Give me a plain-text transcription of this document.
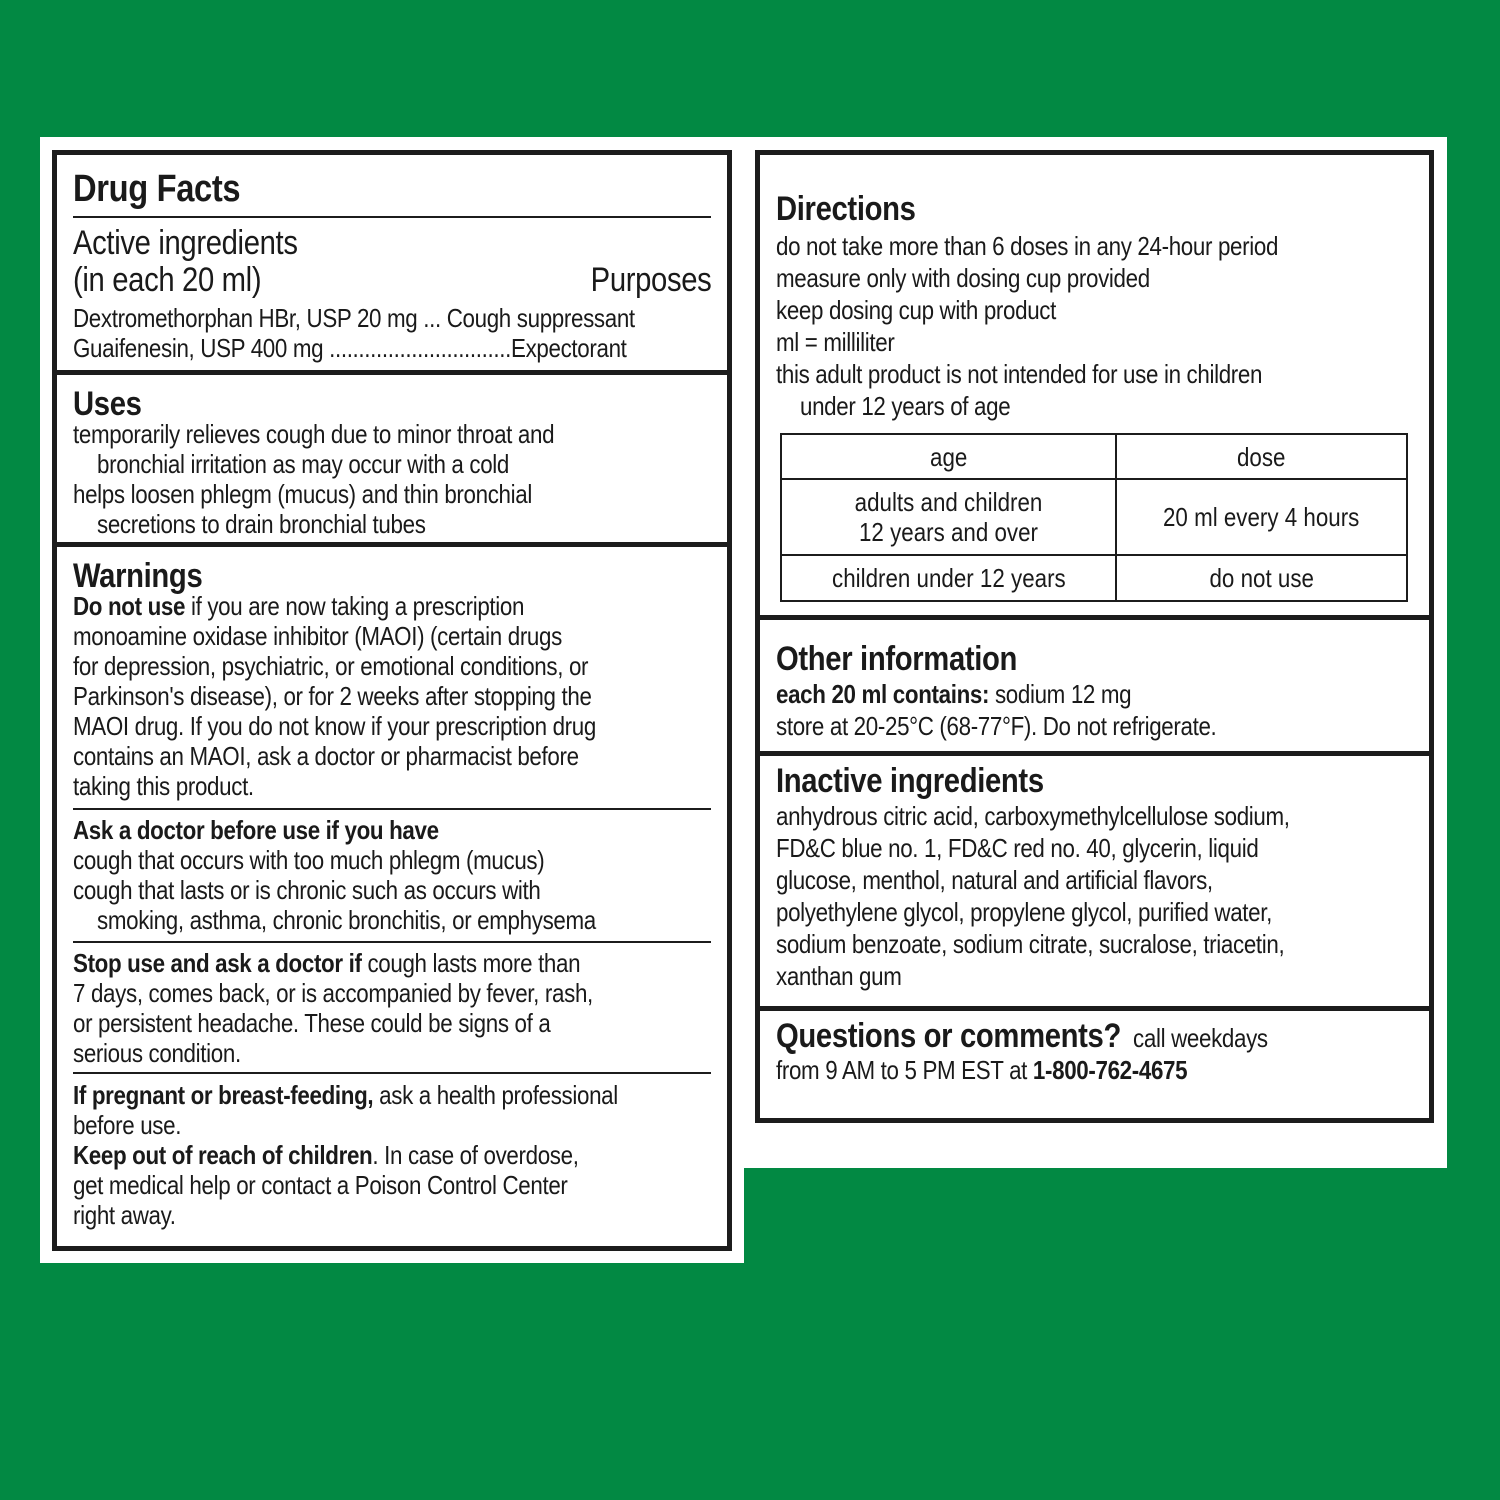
Drug Facts
Active ingredients
(in each 20 ml)	Purposes
Dextromethorphan HBr, USP 20 mg ... Cough suppressant
Guaifenesin, USP 400 mg ...............................Expectorant
Uses
temporarily relieves cough due to minor throat and
bronchial irritation as may occur with a cold
helps loosen phlegm (mucus) and thin bronchial
secretions to drain bronchial tubes
Warnings
Do not use if you are now taking a prescription
monoamine oxidase inhibitor (MAOI) (certain drugs
for depression, psychiatric, or emotional conditions, or
Parkinson's disease), or for 2 weeks after stopping the
MAOI drug. If you do not know if your prescription drug
contains an MAOI, ask a doctor or pharmacist before
taking this product.
Ask a doctor before use if you have
cough that occurs with too much phlegm (mucus)
cough that lasts or is chronic such as occurs with
smoking, asthma, chronic bronchitis, or emphysema
Stop use and ask a doctor if cough lasts more than
7 days, comes back, or is accompanied by fever, rash,
or persistent headache. These could be signs of a
serious condition.
If pregnant or breast-feeding, ask a health professional
before use.
Keep out of reach of children. In case of overdose,
get medical help or contact a Poison Control Center
right away.
Directions
do not take more than 6 doses in any 24-hour period
measure only with dosing cup provided
keep dosing cup with product
ml = milliliter
this adult product is not intended for use in children
under 12 years of age
age	dose

adults and children
12 years and over	20 ml every 4 hours
children under 12 years	do not use
Other information
each 20 ml contains: sodium 12 mg
store at 20-25°C (68-77°F). Do not refrigerate.
Inactive ingredients
anhydrous citric acid, carboxymethylcellulose sodium,
FD&C blue no. 1, FD&C red no. 40, glycerin, liquid
glucose, menthol, natural and artificial flavors,
polyethylene glycol, propylene glycol, purified water,
sodium benzoate, sodium citrate, sucralose, triacetin,
xanthan gum
Questions or comments? call weekdays
from 9 AM to 5 PM EST at 1-800-762-4675
